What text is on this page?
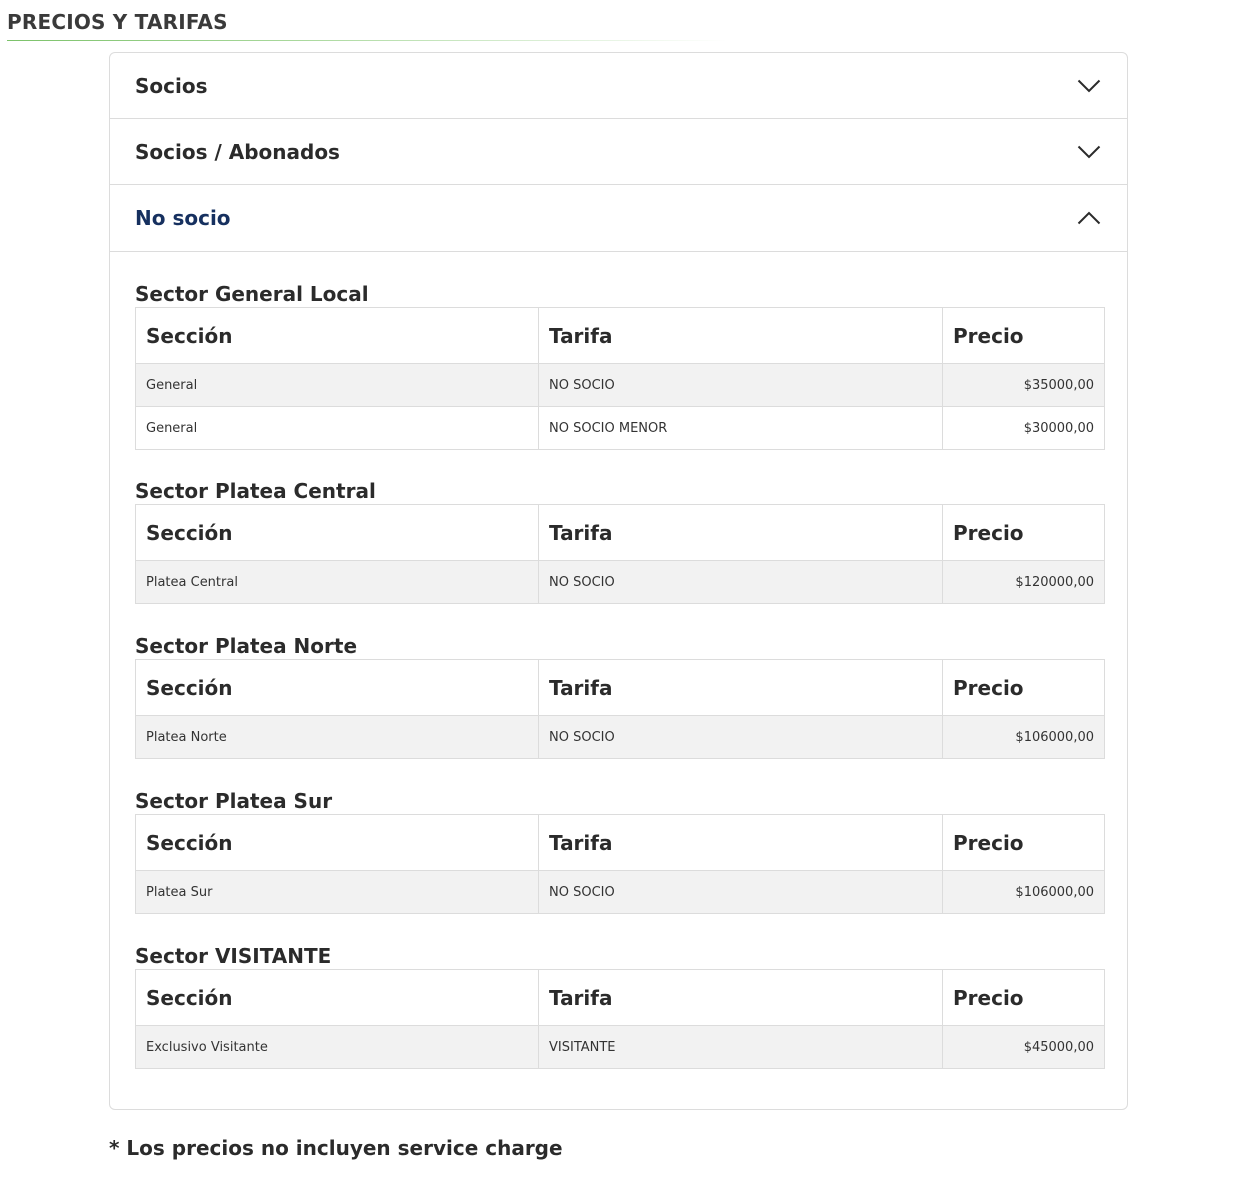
PRECIOS Y TARIFAS
Socios
Socios / Abonados
No socio
Sector General Local
Sección	Tarifa	Precio
General	NO SOCIO	$35000,00
General	NO SOCIO MENOR	$30000,00
Sector Platea Central
Sección	Tarifa	Precio
Platea Central	NO SOCIO	$120000,00
Sector Platea Norte
Sección	Tarifa	Precio
Platea Norte	NO SOCIO	$106000,00
Sector Platea Sur
Sección	Tarifa	Precio
Platea Sur	NO SOCIO	$106000,00
Sector VISITANTE
Sección	Tarifa	Precio
Exclusivo Visitante	VISITANTE	$45000,00
* Los precios no incluyen service charge
